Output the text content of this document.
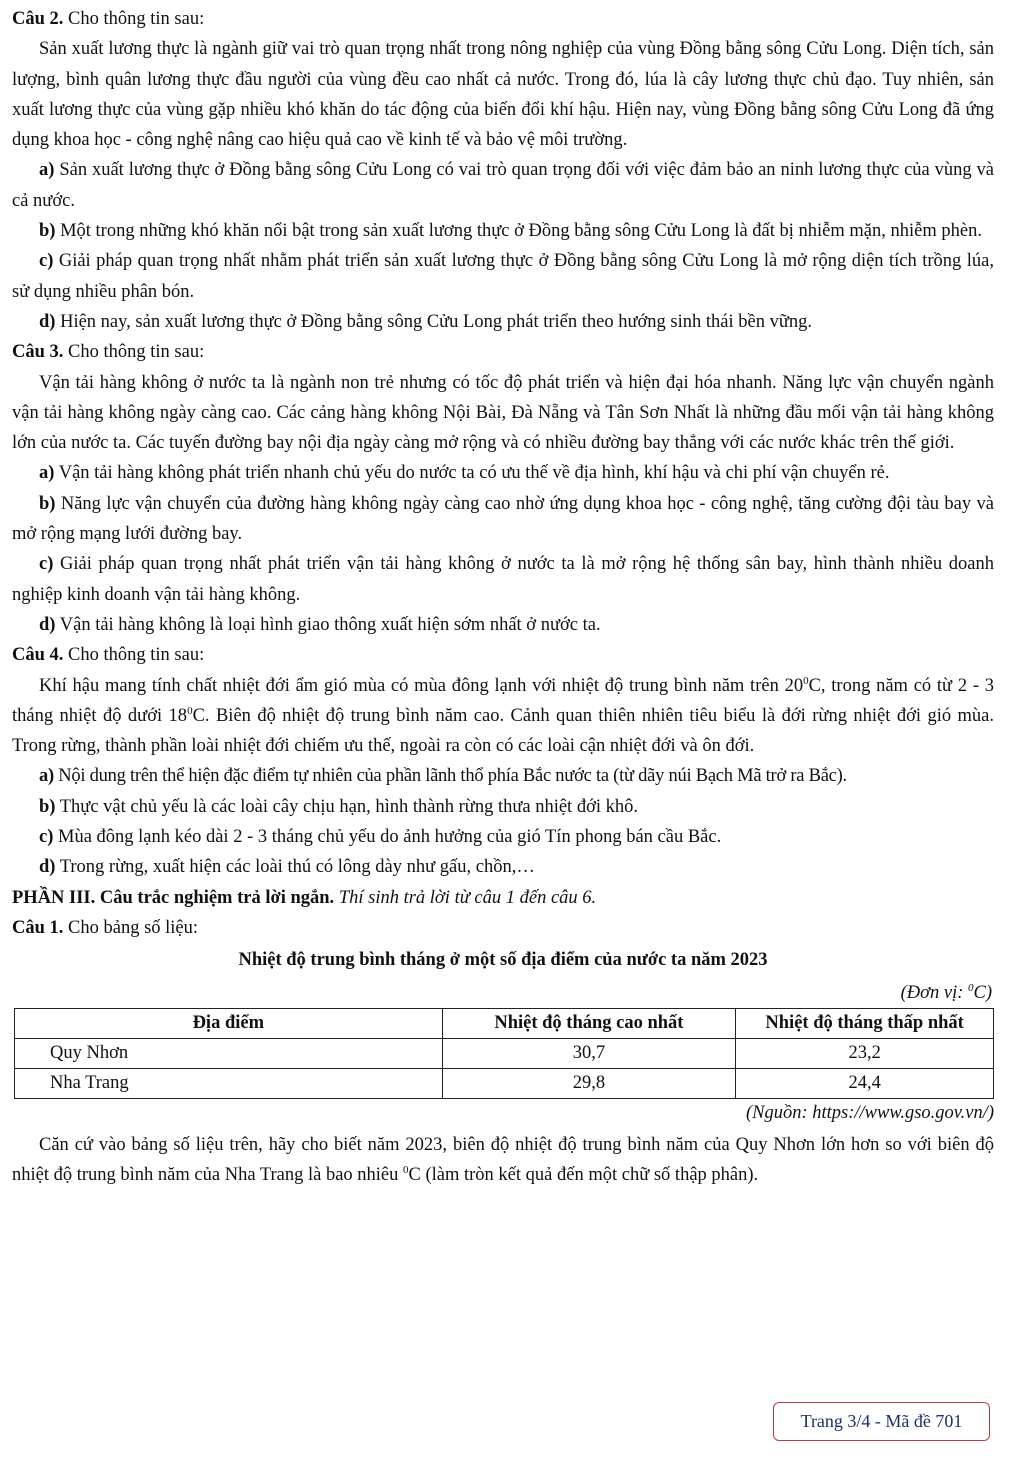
Câu 2. Cho thông tin sau:

Sản xuất lương thực là ngành giữ vai trò quan trọng nhất trong nông nghiệp của vùng Đồng bằng sông Cửu Long. Diện tích, sản lượng, bình quân lương thực đầu người của vùng đều cao nhất cả nước. Trong đó, lúa là cây lương thực chủ đạo. Tuy nhiên, sản xuất lương thực của vùng gặp nhiều khó khăn do tác động của biến đổi khí hậu. Hiện nay, vùng Đồng bằng sông Cửu Long đã ứng dụng khoa học - công nghệ nâng cao hiệu quả cao về kinh tế và bảo vệ môi trường.

a) Sản xuất lương thực ở Đồng bằng sông Cửu Long có vai trò quan trọng đối với việc đảm bảo an ninh lương thực của vùng và cả nước.

b) Một trong những khó khăn nổi bật trong sản xuất lương thực ở Đồng bằng sông Cửu Long là đất bị nhiễm mặn, nhiễm phèn.

c) Giải pháp quan trọng nhất nhằm phát triển sản xuất lương thực ở Đồng bằng sông Cửu Long là mở rộng diện tích trồng lúa, sử dụng nhiều phân bón.

d) Hiện nay, sản xuất lương thực ở Đồng bằng sông Cửu Long phát triển theo hướng sinh thái bền vững.

Câu 3. Cho thông tin sau:

Vận tải hàng không ở nước ta là ngành non trẻ nhưng có tốc độ phát triển và hiện đại hóa nhanh. Năng lực vận chuyển ngành vận tải hàng không ngày càng cao. Các cảng hàng không Nội Bài, Đà Nẵng và Tân Sơn Nhất là những đầu mối vận tải hàng không lớn của nước ta. Các tuyến đường bay nội địa ngày càng mở rộng và có nhiều đường bay thẳng với các nước khác trên thế giới.

a) Vận tải hàng không phát triển nhanh chủ yếu do nước ta có ưu thế về địa hình, khí hậu và chi phí vận chuyển rẻ.

b) Năng lực vận chuyển của đường hàng không ngày càng cao nhờ ứng dụng khoa học - công nghệ, tăng cường đội tàu bay và mở rộng mạng lưới đường bay.

c) Giải pháp quan trọng nhất phát triển vận tải hàng không ở nước ta là mở rộng hệ thống sân bay, hình thành nhiều doanh nghiệp kinh doanh vận tải hàng không.

d) Vận tải hàng không là loại hình giao thông xuất hiện sớm nhất ở nước ta.

Câu 4. Cho thông tin sau:

Khí hậu mang tính chất nhiệt đới ẩm gió mùa có mùa đông lạnh với nhiệt độ trung bình năm trên $20^0C$, trong năm có từ 2 - 3 tháng nhiệt độ dưới $18^0C$. Biên độ nhiệt độ trung bình năm cao. Cảnh quan thiên nhiên tiêu biểu là đới rừng nhiệt đới gió mùa. Trong rừng, thành phần loài nhiệt đới chiếm ưu thế, ngoài ra còn có các loài cận nhiệt đới và ôn đới.

a) Nội dung trên thể hiện đặc điểm tự nhiên của phần lãnh thổ phía Bắc nước ta (từ dãy núi Bạch Mã trở ra Bắc).

b) Thực vật chủ yếu là các loài cây chịu hạn, hình thành rừng thưa nhiệt đới khô.

c) Mùa đông lạnh kéo dài 2 - 3 tháng chủ yếu do ảnh hưởng của gió Tín phong bán cầu Bắc.

d) Trong rừng, xuất hiện các loài thú có lông dày như gấu, chồn,…

PHẦN III. Câu trắc nghiệm trả lời ngắn. Thí sinh trả lời từ câu 1 đến câu 6.

Câu 1. Cho bảng số liệu:

Nhiệt độ trung bình tháng ở một số địa điểm của nước ta năm 2023

(Đơn vị: $^0$C)

Địa điểm	Nhiệt độ tháng cao nhất	Nhiệt độ tháng thấp nhất
Quy Nhơn	30,7	23,2
Nha Trang	29,8	24,4

(Nguồn: https://www.gso.gov.vn/)

Căn cứ vào bảng số liệu trên, hãy cho biết năm 2023, biên độ nhiệt độ trung bình năm của Quy Nhơn lớn hơn so với biên độ nhiệt độ trung bình năm của Nha Trang là bao nhiêu $^0$C (làm tròn kết quả đến một chữ số thập phân).

Trang 3/4 - Mã đề 701
